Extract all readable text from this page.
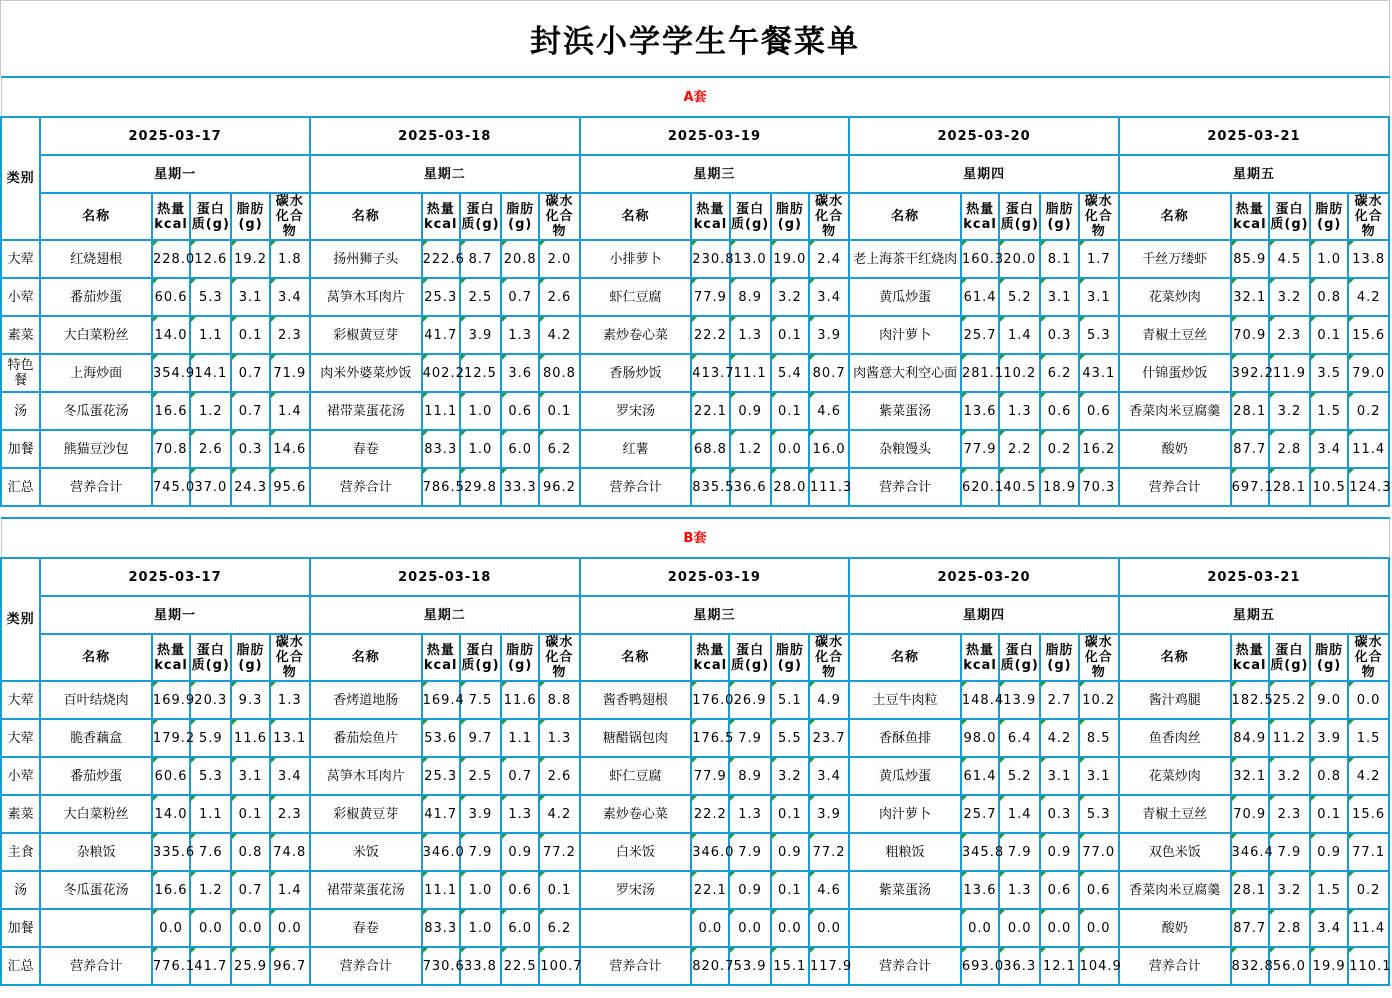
封浜小学学生午餐菜单
A套																									
类别	2025-03-17					2025-03-18					2025-03-19					2025-03-20					2025-03-21				
	星期一					星期二					星期三					星期四					星期五				
	名称	热量kcal	蛋白质(g)	脂肪(g)	碳水化合物	名称	热量kcal	蛋白质(g)	脂肪(g)	碳水化合物	名称	热量kcal	蛋白质(g)	脂肪(g)	碳水化合物	名称	热量kcal	蛋白质(g)	脂肪(g)	碳水化合物	名称	热量kcal	蛋白质(g)	脂肪(g)	碳水化合物
大荤	红烧翅根	228.0	12.6	19.2	1.8	扬州狮子头	222.6	8.7	20.8	2.0	小排萝卜	230.8	13.0	19.0	2.4	老上海茶干红烧肉	160.3	20.0	8.1	1.7	千丝万缕虾	85.9	4.5	1.0	13.8
小荤	番茄炒蛋	60.6	5.3	3.1	3.4	莴笋木耳肉片	25.3	2.5	0.7	2.6	虾仁豆腐	77.9	8.9	3.2	3.4	黄瓜炒蛋	61.4	5.2	3.1	3.1	花菜炒肉	32.1	3.2	0.8	4.2
素菜	大白菜粉丝	14.0	1.1	0.1	2.3	彩椒黄豆芽	41.7	3.9	1.3	4.2	素炒卷心菜	22.2	1.3	0.1	3.9	肉汁萝卜	25.7	1.4	0.3	5.3	青椒土豆丝	70.9	2.3	0.1	15.6
特色餐	上海炒面	354.9	14.1	0.7	71.9	肉米外婆菜炒饭	402.2	12.5	3.6	80.8	香肠炒饭	413.7	11.1	5.4	80.7	肉酱意大利空心面	281.1	10.2	6.2	43.1	什锦蛋炒饭	392.2	11.9	3.5	79.0
汤	冬瓜蛋花汤	16.6	1.2	0.7	1.4	裙带菜蛋花汤	11.1	1.0	0.6	0.1	罗宋汤	22.1	0.9	0.1	4.6	紫菜蛋汤	13.6	1.3	0.6	0.6	香菜肉米豆腐羹	28.1	3.2	1.5	0.2
加餐	熊猫豆沙包	70.8	2.6	0.3	14.6	春卷	83.3	1.0	6.0	6.2	红薯	68.8	1.2	0.0	16.0	杂粮馒头	77.9	2.2	0.2	16.2	酸奶	87.7	2.8	3.4	11.4
汇总	营养合计	745.0	37.0	24.3	95.6	营养合计	786.5	29.8	33.3	96.2	营养合计	835.5	36.6	28.0	111.3	营养合计	620.1	40.5	18.9	70.3	营养合计	697.1	28.1	10.5	124.3
B套																									
类别	2025-03-17					2025-03-18					2025-03-19					2025-03-20					2025-03-21				
	星期一					星期二					星期三					星期四					星期五				
	名称	热量kcal	蛋白质(g)	脂肪(g)	碳水化合物	名称	热量kcal	蛋白质(g)	脂肪(g)	碳水化合物	名称	热量kcal	蛋白质(g)	脂肪(g)	碳水化合物	名称	热量kcal	蛋白质(g)	脂肪(g)	碳水化合物	名称	热量kcal	蛋白质(g)	脂肪(g)	碳水化合物
大荤	百叶结烧肉	169.9	20.3	9.3	1.3	香烤道地肠	169.4	7.5	11.6	8.8	酱香鸭翅根	176.0	26.9	5.1	4.9	土豆牛肉粒	148.4	13.9	2.7	10.2	酱汁鸡腿	182.5	25.2	9.0	0.0
大荤	脆香藕盒	179.2	5.9	11.6	13.1	番茄烩鱼片	53.6	9.7	1.1	1.3	糖醋锅包肉	176.5	7.9	5.5	23.7	香酥鱼排	98.0	6.4	4.2	8.5	鱼香肉丝	84.9	11.2	3.9	1.5
小荤	番茄炒蛋	60.6	5.3	3.1	3.4	莴笋木耳肉片	25.3	2.5	0.7	2.6	虾仁豆腐	77.9	8.9	3.2	3.4	黄瓜炒蛋	61.4	5.2	3.1	3.1	花菜炒肉	32.1	3.2	0.8	4.2
素菜	大白菜粉丝	14.0	1.1	0.1	2.3	彩椒黄豆芽	41.7	3.9	1.3	4.2	素炒卷心菜	22.2	1.3	0.1	3.9	肉汁萝卜	25.7	1.4	0.3	5.3	青椒土豆丝	70.9	2.3	0.1	15.6
主食	杂粮饭	335.6	7.6	0.8	74.8	米饭	346.0	7.9	0.9	77.2	白米饭	346.0	7.9	0.9	77.2	粗粮饭	345.8	7.9	0.9	77.0	双色米饭	346.4	7.9	0.9	77.1
汤	冬瓜蛋花汤	16.6	1.2	0.7	1.4	裙带菜蛋花汤	11.1	1.0	0.6	0.1	罗宋汤	22.1	0.9	0.1	4.6	紫菜蛋汤	13.6	1.3	0.6	0.6	香菜肉米豆腐羹	28.1	3.2	1.5	0.2
加餐		0.0	0.0	0.0	0.0	春卷	83.3	1.0	6.0	6.2		0.0	0.0	0.0	0.0		0.0	0.0	0.0	0.0	酸奶	87.7	2.8	3.4	11.4
汇总	营养合计	776.1	41.7	25.9	96.7	营养合计	730.6	33.8	22.5	100.7	营养合计	820.7	53.9	15.1	117.9	营养合计	693.0	36.3	12.1	104.9	营养合计	832.8	56.0	19.9	110.1
